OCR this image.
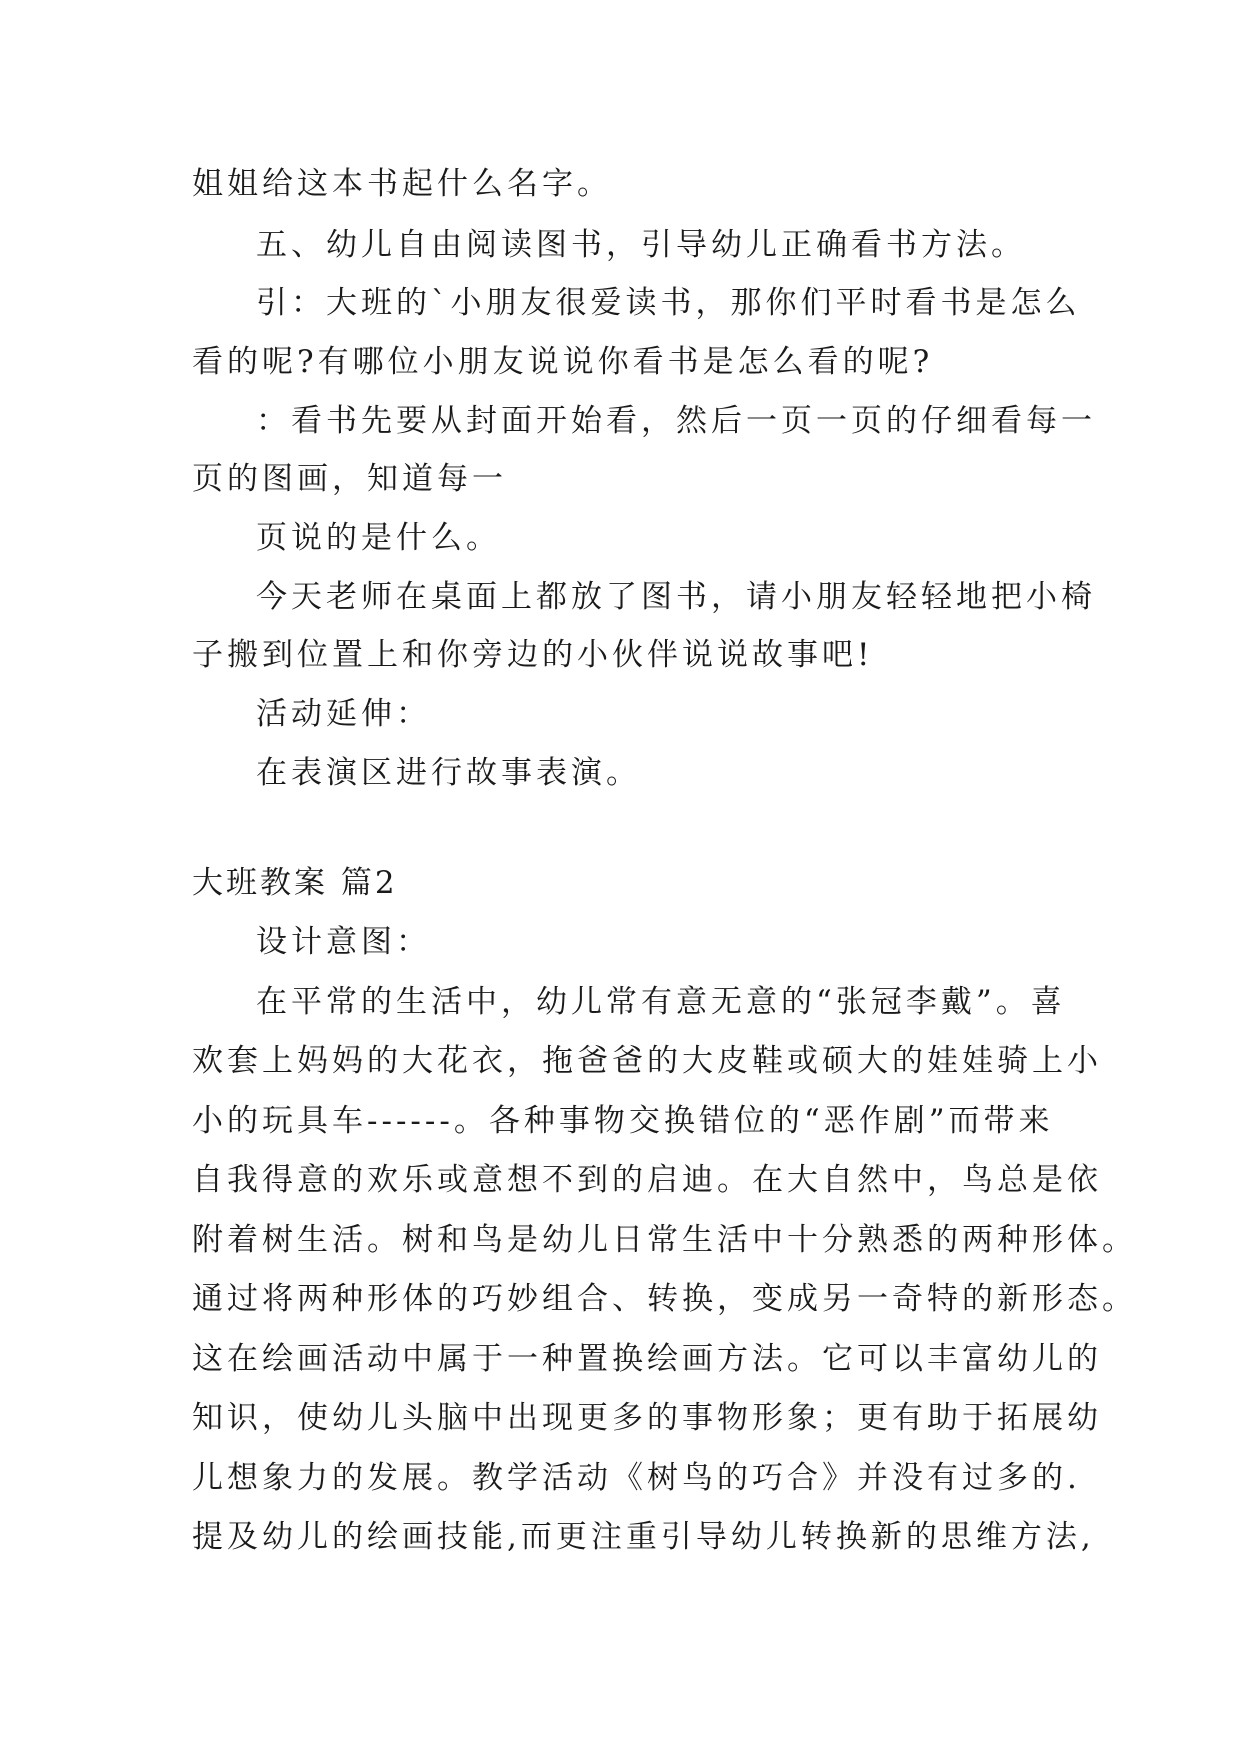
姐姐给这本书起什么名字。
五、幼儿自由阅读图书，引导幼儿正确看书方法。
引：大班的`小朋友很爱读书，那你们平时看书是怎么
看的呢?有哪位小朋友说说你看书是怎么看的呢?
：看书先要从封面开始看，然后一页一页的仔细看每一
页的图画，知道每一
页说的是什么。
今天老师在桌面上都放了图书，请小朋友轻轻地把小椅
子搬到位置上和你旁边的小伙伴说说故事吧!
活动延伸：
在表演区进行故事表演。
大班教案 篇2
设计意图：
在平常的生活中，幼儿常有意无意的“张冠李戴”。喜
欢套上妈妈的大花衣，拖爸爸的大皮鞋或硕大的娃娃骑上小
小的玩具车------。各种事物交换错位的“恶作剧”而带来
自我得意的欢乐或意想不到的启迪。在大自然中，鸟总是依
附着树生活。树和鸟是幼儿日常生活中十分熟悉的两种形体。
通过将两种形体的巧妙组合、转换，变成另一奇特的新形态。
这在绘画活动中属于一种置换绘画方法。它可以丰富幼儿的
知识，使幼儿头脑中出现更多的事物形象；更有助于拓展幼
儿想象力的发展。教学活动《树鸟的巧合》并没有过多的.
提及幼儿的绘画技能,而更注重引导幼儿转换新的思维方法,
